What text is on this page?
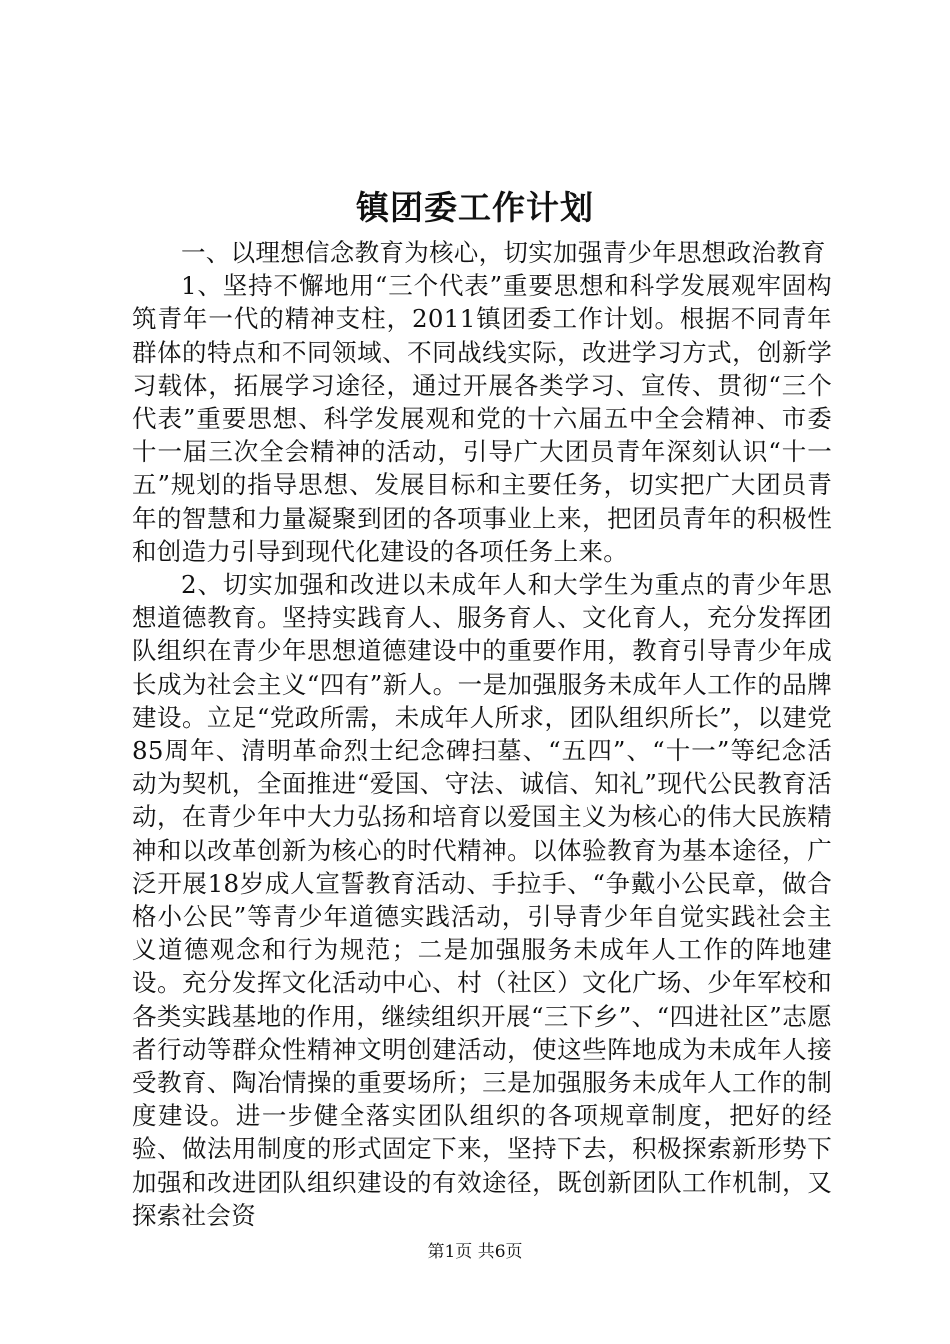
镇团委工作计划

一、以理想信念教育为核心，切实加强青少年思想政治教育

1、坚持不懈地用“三个代表”重要思想和科学发展观牢固构筑青年一代的精神支柱，2011镇团委工作计划。根据不同青年群体的特点和不同领域、不同战线实际，改进学习方式，创新学习载体，拓展学习途径，通过开展各类学习、宣传、贯彻“三个代表”重要思想、科学发展观和党的十六届五中全会精神、市委十一届三次全会精神的活动，引导广大团员青年深刻认识“十一五”规划的指导思想、发展目标和主要任务，切实把广大团员青年的智慧和力量凝聚到团的各项事业上来，把团员青年的积极性和创造力引导到现代化建设的各项任务上来。

2、切实加强和改进以未成年人和大学生为重点的青少年思想道德教育。坚持实践育人、服务育人、文化育人，充分发挥团队组织在青少年思想道德建设中的重要作用，教育引导青少年成长成为社会主义“四有”新人。一是加强服务未成年人工作的品牌建设。立足“党政所需，未成年人所求，团队组织所长”，以建党85周年、清明革命烈士纪念碑扫墓、“五四”、“十一”等纪念活动为契机，全面推进“爱国、守法、诚信、知礼”现代公民教育活动，在青少年中大力弘扬和培育以爱国主义为核心的伟大民族精神和以改革创新为核心的时代精神。以体验教育为基本途径，广泛开展18岁成人宣誓教育活动、手拉手、“争戴小公民章，做合格小公民”等青少年道德实践活动，引导青少年自觉实践社会主义道德观念和行为规范；二是加强服务未成年人工作的阵地建设。充分发挥文化活动中心、村（社区）文化广场、少年军校和各类实践基地的作用，继续组织开展“三下乡”、“四进社区”志愿者行动等群众性精神文明创建活动，使这些阵地成为未成年人接受教育、陶冶情操的重要场所；三是加强服务未成年人工作的制度建设。进一步健全落实团队组织的各项规章制度，把好的经验、做法用制度的形式固定下来，坚持下去，积极探索新形势下加强和改进团队组织建设的有效途径，既创新团队工作机制，又探索社会资

第1页 共6页
